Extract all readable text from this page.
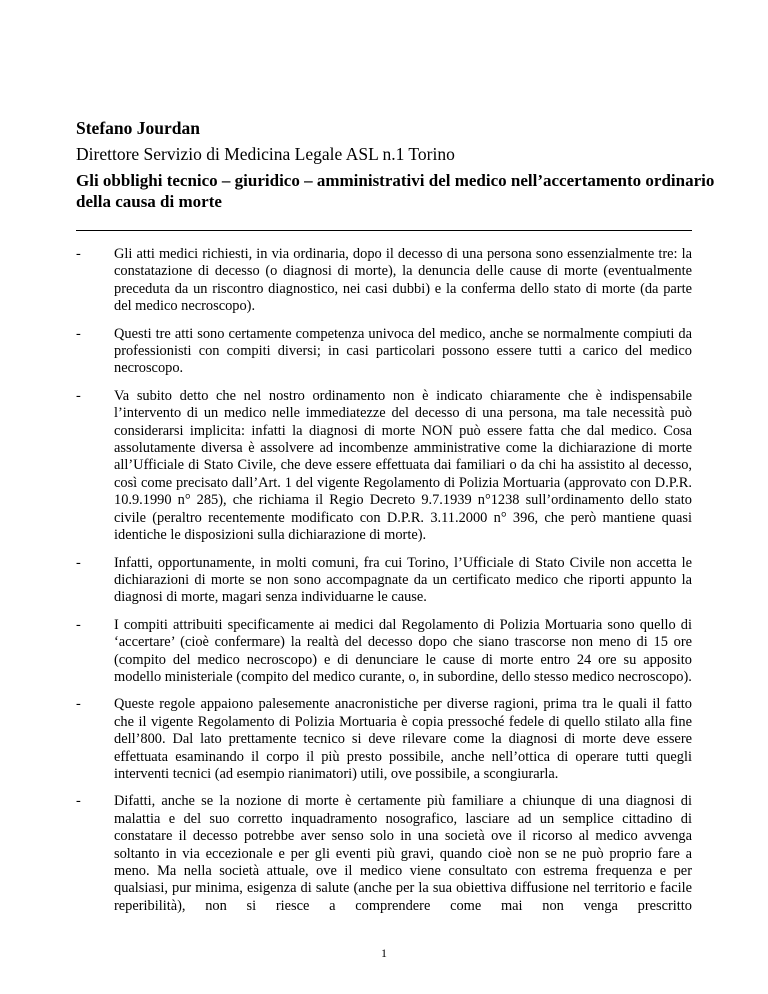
Stefano Jourdan

Direttore Servizio di Medicina Legale ASL n.1 Torino

Gli obblighi tecnico – giuridico – amministrativi del medico nell’accertamento ordinario della causa di morte

- Gli atti medici richiesti, in via ordinaria, dopo il decesso di una persona sono essenzialmente tre: la constatazione di decesso (o diagnosi di morte), la denuncia delle cause di morte (eventualmente preceduta da un riscontro diagnostico, nei casi dubbi) e la conferma dello stato di morte (da parte del medico necroscopo).
- Questi tre atti sono certamente competenza univoca del medico, anche se normalmente compiuti da professionisti con compiti diversi; in casi particolari possono essere tutti a carico del medico necroscopo.
- Va subito detto che nel nostro ordinamento non è indicato chiaramente che è indispensabile l’intervento di un medico nelle immediatezze del decesso di una persona, ma tale necessità può considerarsi implicita: infatti la diagnosi di morte NON può essere fatta che dal medico. Cosa assolutamente diversa è assolvere ad incombenze amministrative come la dichiarazione di morte all’Ufficiale di Stato Civile, che deve essere effettuata dai familiari o da chi ha assistito al decesso, così come precisato dall’Art. 1 del vigente Regolamento di Polizia Mortuaria (approvato con D.P.R. 10.9.1990 n° 285), che richiama il Regio Decreto 9.7.1939 n°1238 sull’ordinamento dello stato civile (peraltro recentemente modificato con D.P.R. 3.11.2000 n° 396, che però mantiene quasi identiche le disposizioni sulla dichiarazione di morte).
- Infatti, opportunamente, in molti comuni, fra cui Torino, l’Ufficiale di Stato Civile non accetta le dichiarazioni di morte se non sono accompagnate da un certificato medico che riporti appunto la diagnosi di morte, magari senza individuarne le cause.
- I compiti attribuiti specificamente ai medici dal Regolamento di Polizia Mortuaria sono quello di ‘accertare’ (cioè confermare) la realtà del decesso dopo che siano trascorse non meno di 15 ore (compito del medico necroscopo) e di denunciare le cause di morte entro 24 ore su apposito modello ministeriale (compito del medico curante, o, in subordine, dello stesso medico necroscopo).
- Queste regole appaiono palesemente anacronistiche per diverse ragioni, prima tra le quali il fatto che il vigente Regolamento di Polizia Mortuaria è copia pressoché fedele di quello stilato alla fine dell’800. Dal lato prettamente tecnico si deve rilevare come la diagnosi di morte deve essere effettuata esaminando il corpo il più presto possibile, anche nell’ottica di operare tutti quegli interventi tecnici (ad esempio rianimatori) utili, ove possibile, a scongiurarla.
- Difatti, anche se la nozione di morte è certamente più familiare a chiunque di una diagnosi di malattia e del suo corretto inquadramento nosografico, lasciare ad un semplice cittadino di constatare il decesso potrebbe aver senso solo in una società ove il ricorso al medico avvenga soltanto in via eccezionale e per gli eventi più gravi, quando cioè non se ne può proprio fare a meno. Ma nella società attuale, ove il medico viene consultato con estrema frequenza e per qualsiasi, pur minima, esigenza di salute (anche per la sua obiettiva diffusione nel territorio e facile reperibilità), non si riesce a comprendere come mai non venga prescritto
1
